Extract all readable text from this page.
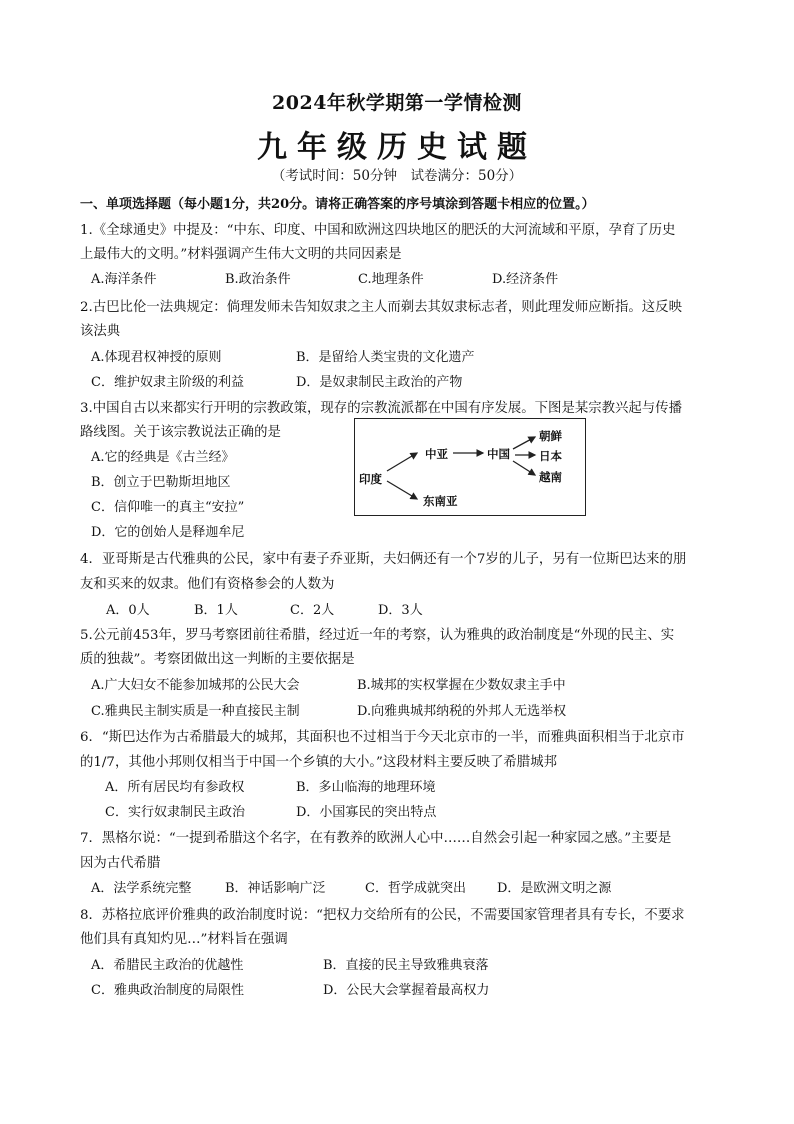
2024年秋学期第一学情检测
九年级历史试题
（考试时间：50分钟　试卷满分：50分）
一、单项选择题（每小题1分，共20分。请将正确答案的序号填涂到答题卡相应的位置。）
1.《全球通史》中提及：“中东、印度、中国和欧洲这四块地区的肥沃的大河流域和平原，孕育了历史
上最伟大的文明。”材料强调产生伟大文明的共同因素是
A.海洋条件	B.政治条件	C.地理条件	D.经济条件
2.古巴比伦一法典规定：倘理发师未告知奴隶之主人而剃去其奴隶标志者，则此理发师应断指。这反映
该法典
A.体现君权神授的原则	B．是留给人类宝贵的文化遗产
C．维护奴隶主阶级的利益	D．是奴隶制民主政治的产物
3.中国自古以来都实行开明的宗教政策，现存的宗教流派都在中国有序发展。下图是某宗教兴起与传播
路线图。关于该宗教说法正确的是
A.它的经典是《古兰经》
B．创立于巴勒斯坦地区
C．信仰唯一的真主“安拉”
D．它的创始人是释迦牟尼
印度
中亚	中国
东南亚
朝鲜
日本
越南
4．亚哥斯是古代雅典的公民，家中有妻子乔亚斯，夫妇俩还有一个7岁的儿子，另有一位斯巴达来的朋
友和买来的奴隶。他们有资格参会的人数为
A．0人	B．1人	C．2人	D．3人
5.公元前453年，罗马考察团前往希腊，经过近一年的考察，认为雅典的政治制度是“外现的民主、实
质的独裁”。考察团做出这一判断的主要依据是
A.广大妇女不能参加城邦的公民大会	B.城邦的实权掌握在少数奴隶主手中
C.雅典民主制实质是一种直接民主制	D.向雅典城邦纳税的外邦人无选举权
6．“斯巴达作为古希腊最大的城邦，其面积也不过相当于今天北京市的一半，而雅典面积相当于北京市
的1/7，其他小邦则仅相当于中国一个乡镇的大小。”这段材料主要反映了希腊城邦
A．所有居民均有参政权	B．多山临海的地理环境
C．实行奴隶制民主政治	D．小国寡民的突出特点
7．黑格尔说：“一提到希腊这个名字，在有教养的欧洲人心中……自然会引起一种家园之感。”主要是
因为古代希腊
A．法学系统完整	B．神话影响广泛	C．哲学成就突出 D．是欧洲文明之源
8．苏格拉底评价雅典的政治制度时说：“把权力交给所有的公民，不需要国家管理者具有专长，不要求
他们具有真知灼见…”材料旨在强调
A．希腊民主政治的优越性	B．直接的民主导致雅典衰落
C．雅典政治制度的局限性	D．公民大会掌握着最高权力
